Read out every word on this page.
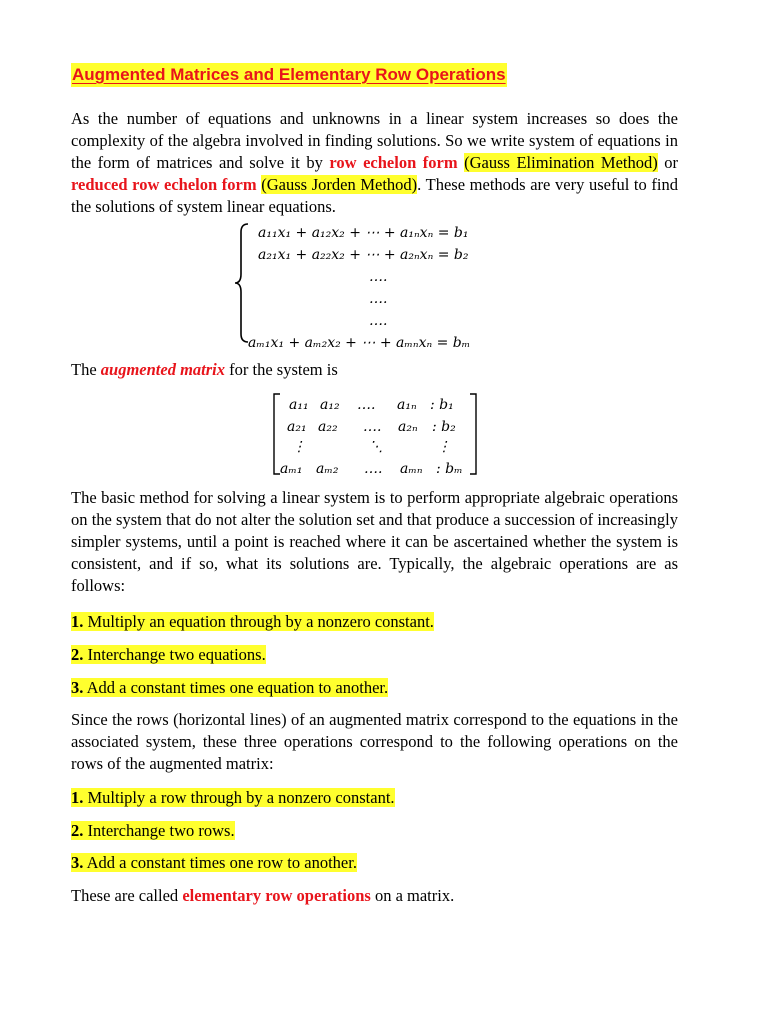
Augmented Matrices and Elementary Row Operations

As the number of equations and unknowns in a linear system increases so does the complexity of the algebra involved in finding solutions. So we write system of equations in the form of matrices and solve it by row echelon form (Gauss Elimination Method) or reduced row echelon form (Gauss Jorden Method). These methods are very useful to find the solutions of system linear equations.

a₁₁x₁ + a₁₂x₂ + ⋯ + a₁ₙxₙ = b₁
a₂₁x₁ + a₂₂x₂ + ⋯ + a₂ₙxₙ = b₂
….
….
….
aₘ₁x₁ + aₘ₂x₂ + ⋯ + aₘₙxₙ = bₘ

The augmented matrix for the system is

a₁₁ a₁₂ …. a₁ₙ : b₁
a₂₁ a₂₂ …. a₂ₙ : b₂
⋮	⋱	⋮
aₘ₁ aₘ₂ …. aₘₙ : bₘ

The basic method for solving a linear system is to perform appropriate algebraic operations on the system that do not alter the solution set and that produce a succession of increasingly simpler systems, until a point is reached where it can be ascertained whether the system is consistent, and if so, what its solutions are. Typically, the algebraic operations are as follows:

1. Multiply an equation through by a nonzero constant.

2. Interchange two equations.

3. Add a constant times one equation to another.

Since the rows (horizontal lines) of an augmented matrix correspond to the equations in the associated system, these three operations correspond to the following operations on the rows of the augmented matrix:

1. Multiply a row through by a nonzero constant.

2. Interchange two rows.

3. Add a constant times one row to another.

These are called elementary row operations on a matrix.
